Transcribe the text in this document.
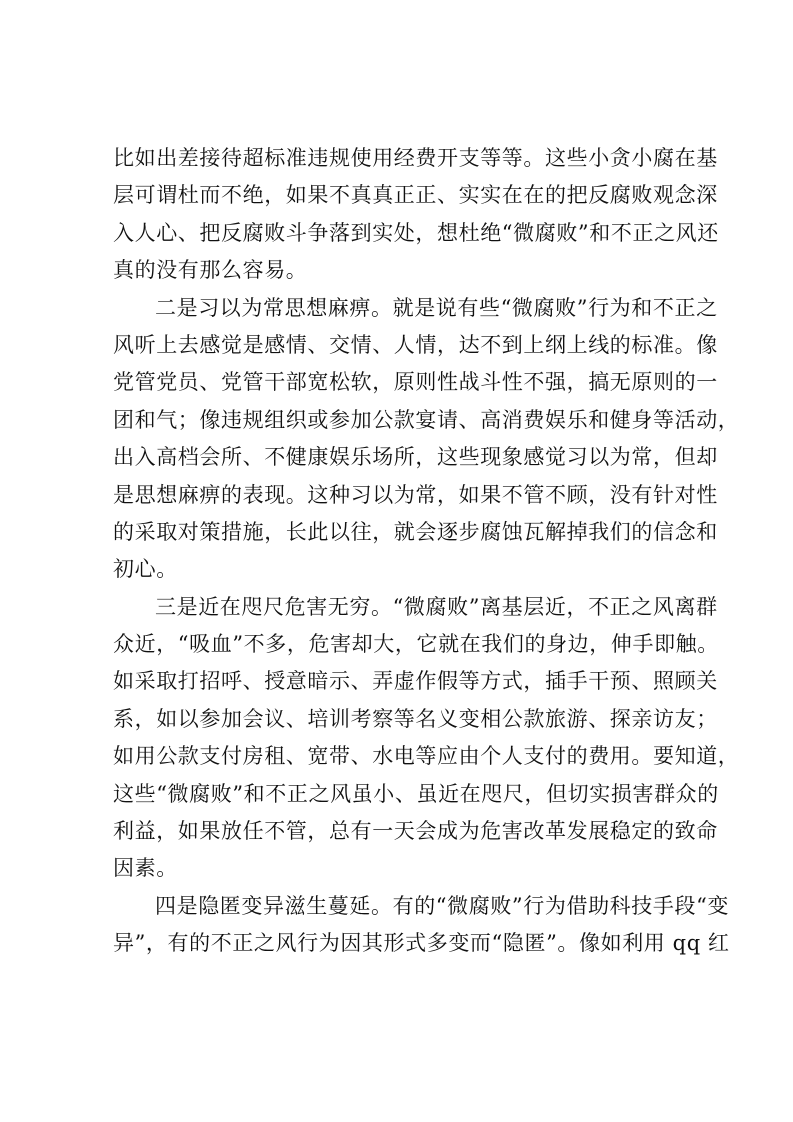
比如出差接待超标准违规使用经费开支等等。这些小贪小腐在基
层可谓杜而不绝，如果不真真正正、实实在在的把反腐败观念深
入人心、把反腐败斗争落到实处，想杜绝“微腐败”和不正之风还
真的没有那么容易。
二是习以为常思想麻痹。就是说有些“微腐败”行为和不正之
风听上去感觉是感情、交情、人情，达不到上纲上线的标准。像
党管党员、党管干部宽松软，原则性战斗性不强，搞无原则的一
团和气；像违规组织或参加公款宴请、高消费娱乐和健身等活动，
出入高档会所、不健康娱乐场所，这些现象感觉习以为常，但却
是思想麻痹的表现。这种习以为常，如果不管不顾，没有针对性
的采取对策措施，长此以往，就会逐步腐蚀瓦解掉我们的信念和
初心。
三是近在咫尺危害无穷。“微腐败”离基层近，不正之风离群
众近，“吸血”不多，危害却大，它就在我们的身边，伸手即触。
如采取打招呼、授意暗示、弄虚作假等方式，插手干预、照顾关
系，如以参加会议、培训考察等名义变相公款旅游、探亲访友；
如用公款支付房租、宽带、水电等应由个人支付的费用。要知道，
这些“微腐败”和不正之风虽小、虽近在咫尺，但切实损害群众的
利益，如果放任不管，总有一天会成为危害改革发展稳定的致命
因素。
四是隐匿变异滋生蔓延。有的“微腐败”行为借助科技手段“变
异”，有的不正之风行为因其形式多变而“隐匿”。像如利用 qq 红
